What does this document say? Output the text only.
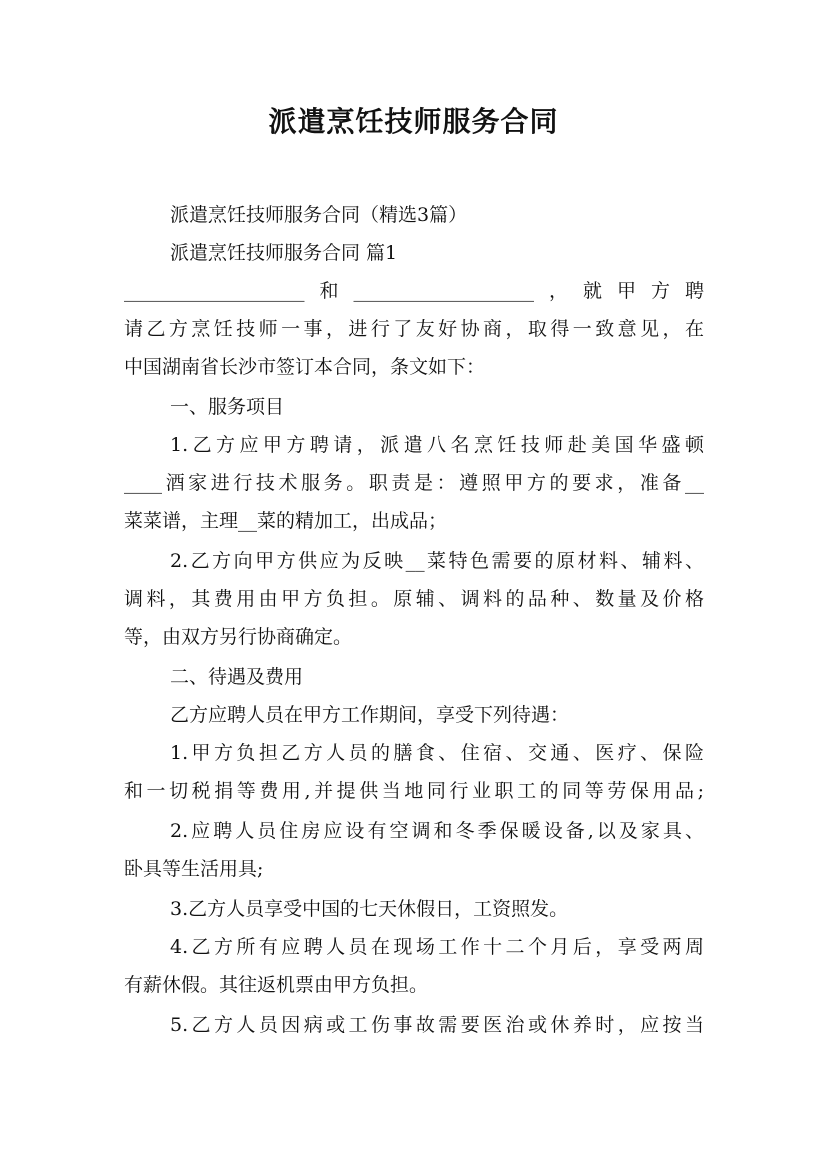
派遣烹饪技师服务合同

派遣烹饪技师服务合同（精选3篇）

派遣烹饪技师服务合同 篇1

___________________和___________________，就甲方聘

请乙方烹饪技师一事，进行了友好协商，取得一致意见，在

中国湖南省长沙市签订本合同，条文如下：

一、服务项目

1.乙方应甲方聘请，派遣八名烹饪技师赴美国华盛顿

____酒家进行技术服务。职责是：遵照甲方的要求，准备__

菜菜谱，主理__菜的精加工，出成品；

2.乙方向甲方供应为反映__菜特色需要的原材料、辅料、

调料，其费用由甲方负担。原辅、调料的品种、数量及价格

等，由双方另行协商确定。

二、待遇及费用

乙方应聘人员在甲方工作期间，享受下列待遇：

1.甲方负担乙方人员的膳食、住宿、交通、医疗、保险

和一切税捐等费用,并提供当地同行业职工的同等劳保用品;

2.应聘人员住房应设有空调和冬季保暖设备,以及家具、

卧具等生活用具;

3.乙方人员享受中国的七天休假日，工资照发。

4.乙方所有应聘人员在现场工作十二个月后，享受两周

有薪休假。其往返机票由甲方负担。

5.乙方人员因病或工伤事故需要医治或休养时，应按当
